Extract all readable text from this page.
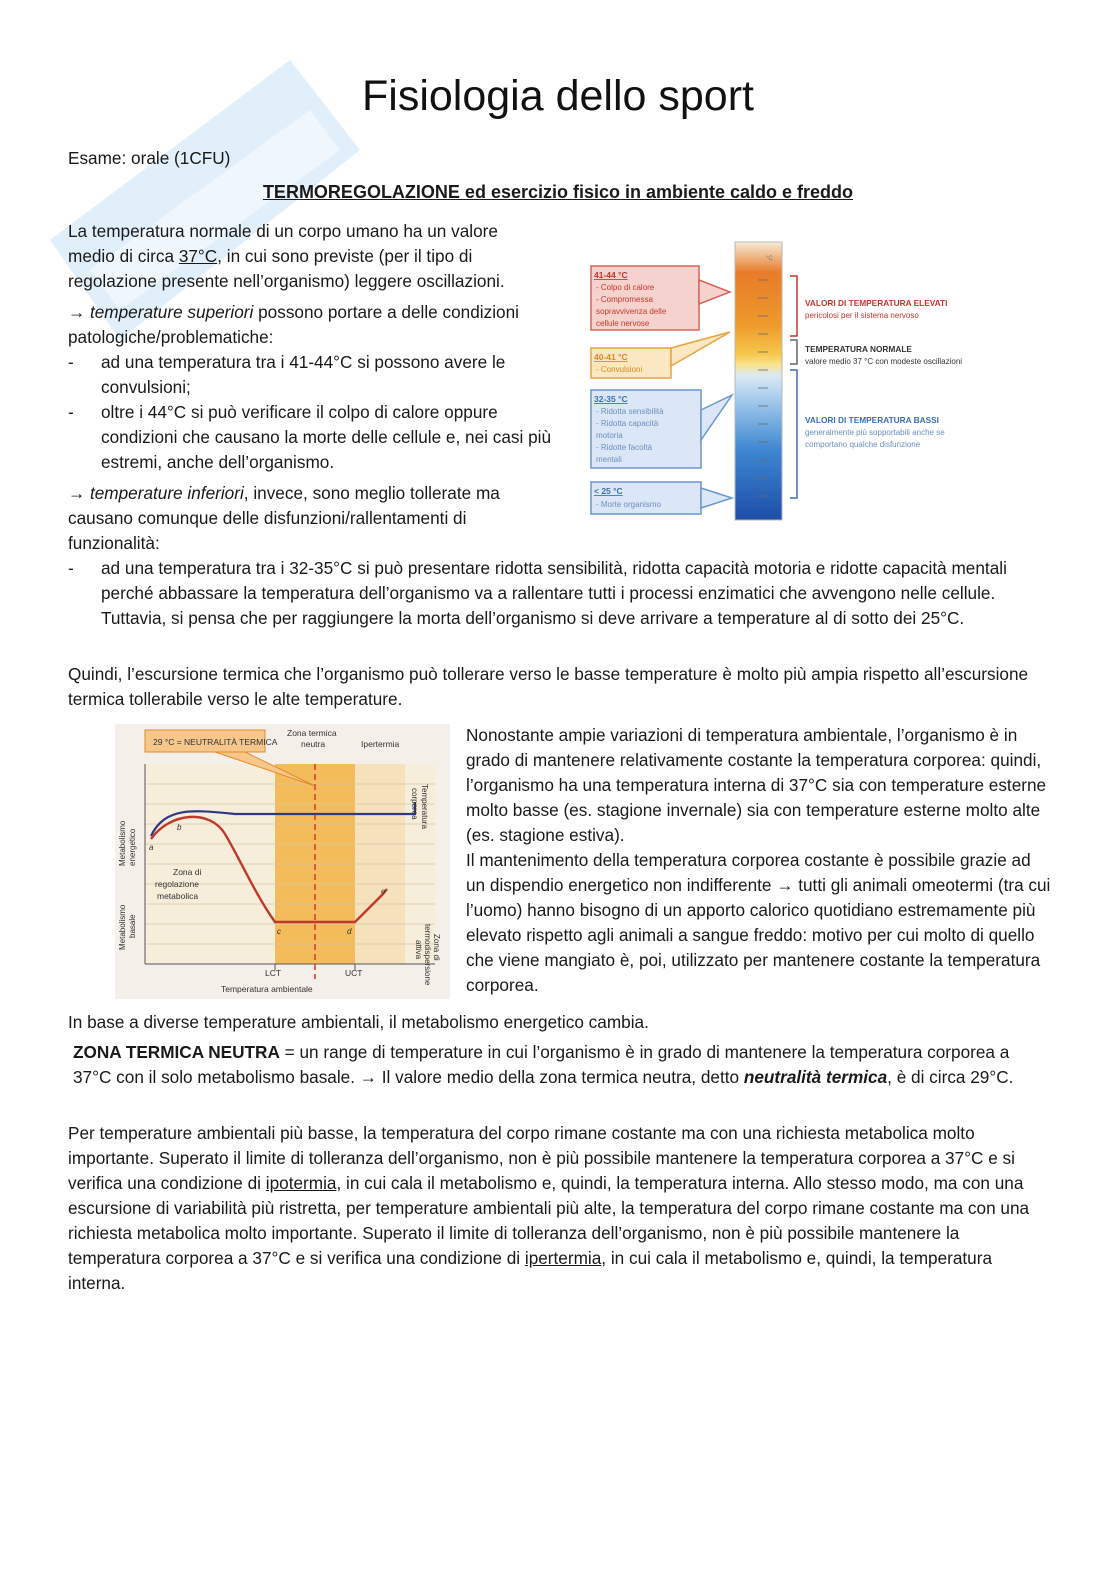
Fisiologia dello sport

Esame: orale (1CFU)

TERMOREGOLAZIONE ed esercizio fisico in ambiente caldo e freddo
La temperatura normale di un corpo umano ha un valore medio di circa 37°C, in cui sono previste (per il tipo di regolazione presente nell’organismo) leggere oscillazioni.
→ temperature superiori possono portare a delle condizioni patologiche/problematiche:
- ad una temperatura tra i 41-44°C si possono avere le convulsioni;
- oltre i 44°C si può verificare il colpo di calore oppure condizioni che causano la morte delle cellule e, nei casi più estremi, anche dell’organismo.
→ temperature inferiori, invece, sono meglio tollerate ma causano comunque delle disfunzioni/rallentamenti di funzionalità:
- ad una temperatura tra i 32-35°C si può presentare ridotta sensibilità, ridotta capacità motoria e ridotte capacità mentali perché abbassare la temperatura dell’organismo va a rallentare tutti i processi enzimatici che avvengono nelle cellule. Tuttavia, si pensa che per raggiungere la morta dell’organismo si deve arrivare a temperature al di sotto dei 25°C.

Quindi, l’escursione termica che l’organismo può tollerare verso le basse temperature è molto più ampia rispetto all’escursione termica tollerabile verso le alte temperature.

°C
41-44 °C
- Colpo di calore
- Compromessa
sopravvivenza delle
cellule nervose
40-41 °C
- Convulsioni
32-35 °C
- Ridotta sensibilità
- Ridotta capacità
motoria
- Ridotte facoltà
mentali
< 25 °C
- Morte organismo
VALORI DI TEMPERATURA ELEVATI
pericolosi per il sistema nervoso
TEMPERATURA NORMALE
valore medio 37 °C con modeste oscillazioni
VALORI DI TEMPERATURA BASSI
generalmente più sopportabili anche se
comportano qualche disfunzione
29 °C = NEUTRALITÀ TERMICA
Zona termica
neutra	Ipertermia
Metabolismo energetico
Metabolismo basale
Temperatura
corporea
Zona di
termodispersione
attiva
Zona di
regolazione
metabolica
a
b
c	d
e
LCT	UCT
Temperatura ambientale
Nonostante ampie variazioni di temperatura ambientale, l’organismo è in grado di mantenere relativamente costante la temperatura corporea: quindi, l’organismo ha una temperatura interna di 37°C sia con temperature esterne molto basse (es. stagione invernale) sia con temperature esterne molto alte (es. stagione estiva).
Il mantenimento della temperatura corporea costante è possibile grazie ad un dispendio energetico non indifferente → tutti gli animali omeotermi (tra cui l’uomo) hanno bisogno di un apporto calorico quotidiano estremamente più elevato rispetto agli animali a sangue freddo: motivo per cui molto di quello che viene mangiato è, poi, utilizzato per mantenere costante la temperatura corporea.

In base a diverse temperature ambientali, il metabolismo energetico cambia.

ZONA TERMICA NEUTRA = un range di temperature in cui l’organismo è in grado di mantenere la temperatura corporea a 37°C con il solo metabolismo basale. → Il valore medio della zona termica neutra, detto neutralità termica, è di circa 29°C.
Per temperature ambientali più basse, la temperatura del corpo rimane costante ma con una richiesta metabolica molto importante. Superato il limite di tolleranza dell’organismo, non è più possibile mantenere la temperatura corporea a 37°C e si verifica una condizione di ipotermia, in cui cala il metabolismo e, quindi, la temperatura interna. Allo stesso modo, ma con una escursione di variabilità più ristretta, per temperature ambientali più alte, la temperatura del corpo rimane costante ma con una richiesta metabolica molto importante. Superato il limite di tolleranza dell’organismo, non è più possibile mantenere la temperatura corporea a 37°C e si verifica una condizione di ipertermia, in cui cala il metabolismo e, quindi, la temperatura interna.
